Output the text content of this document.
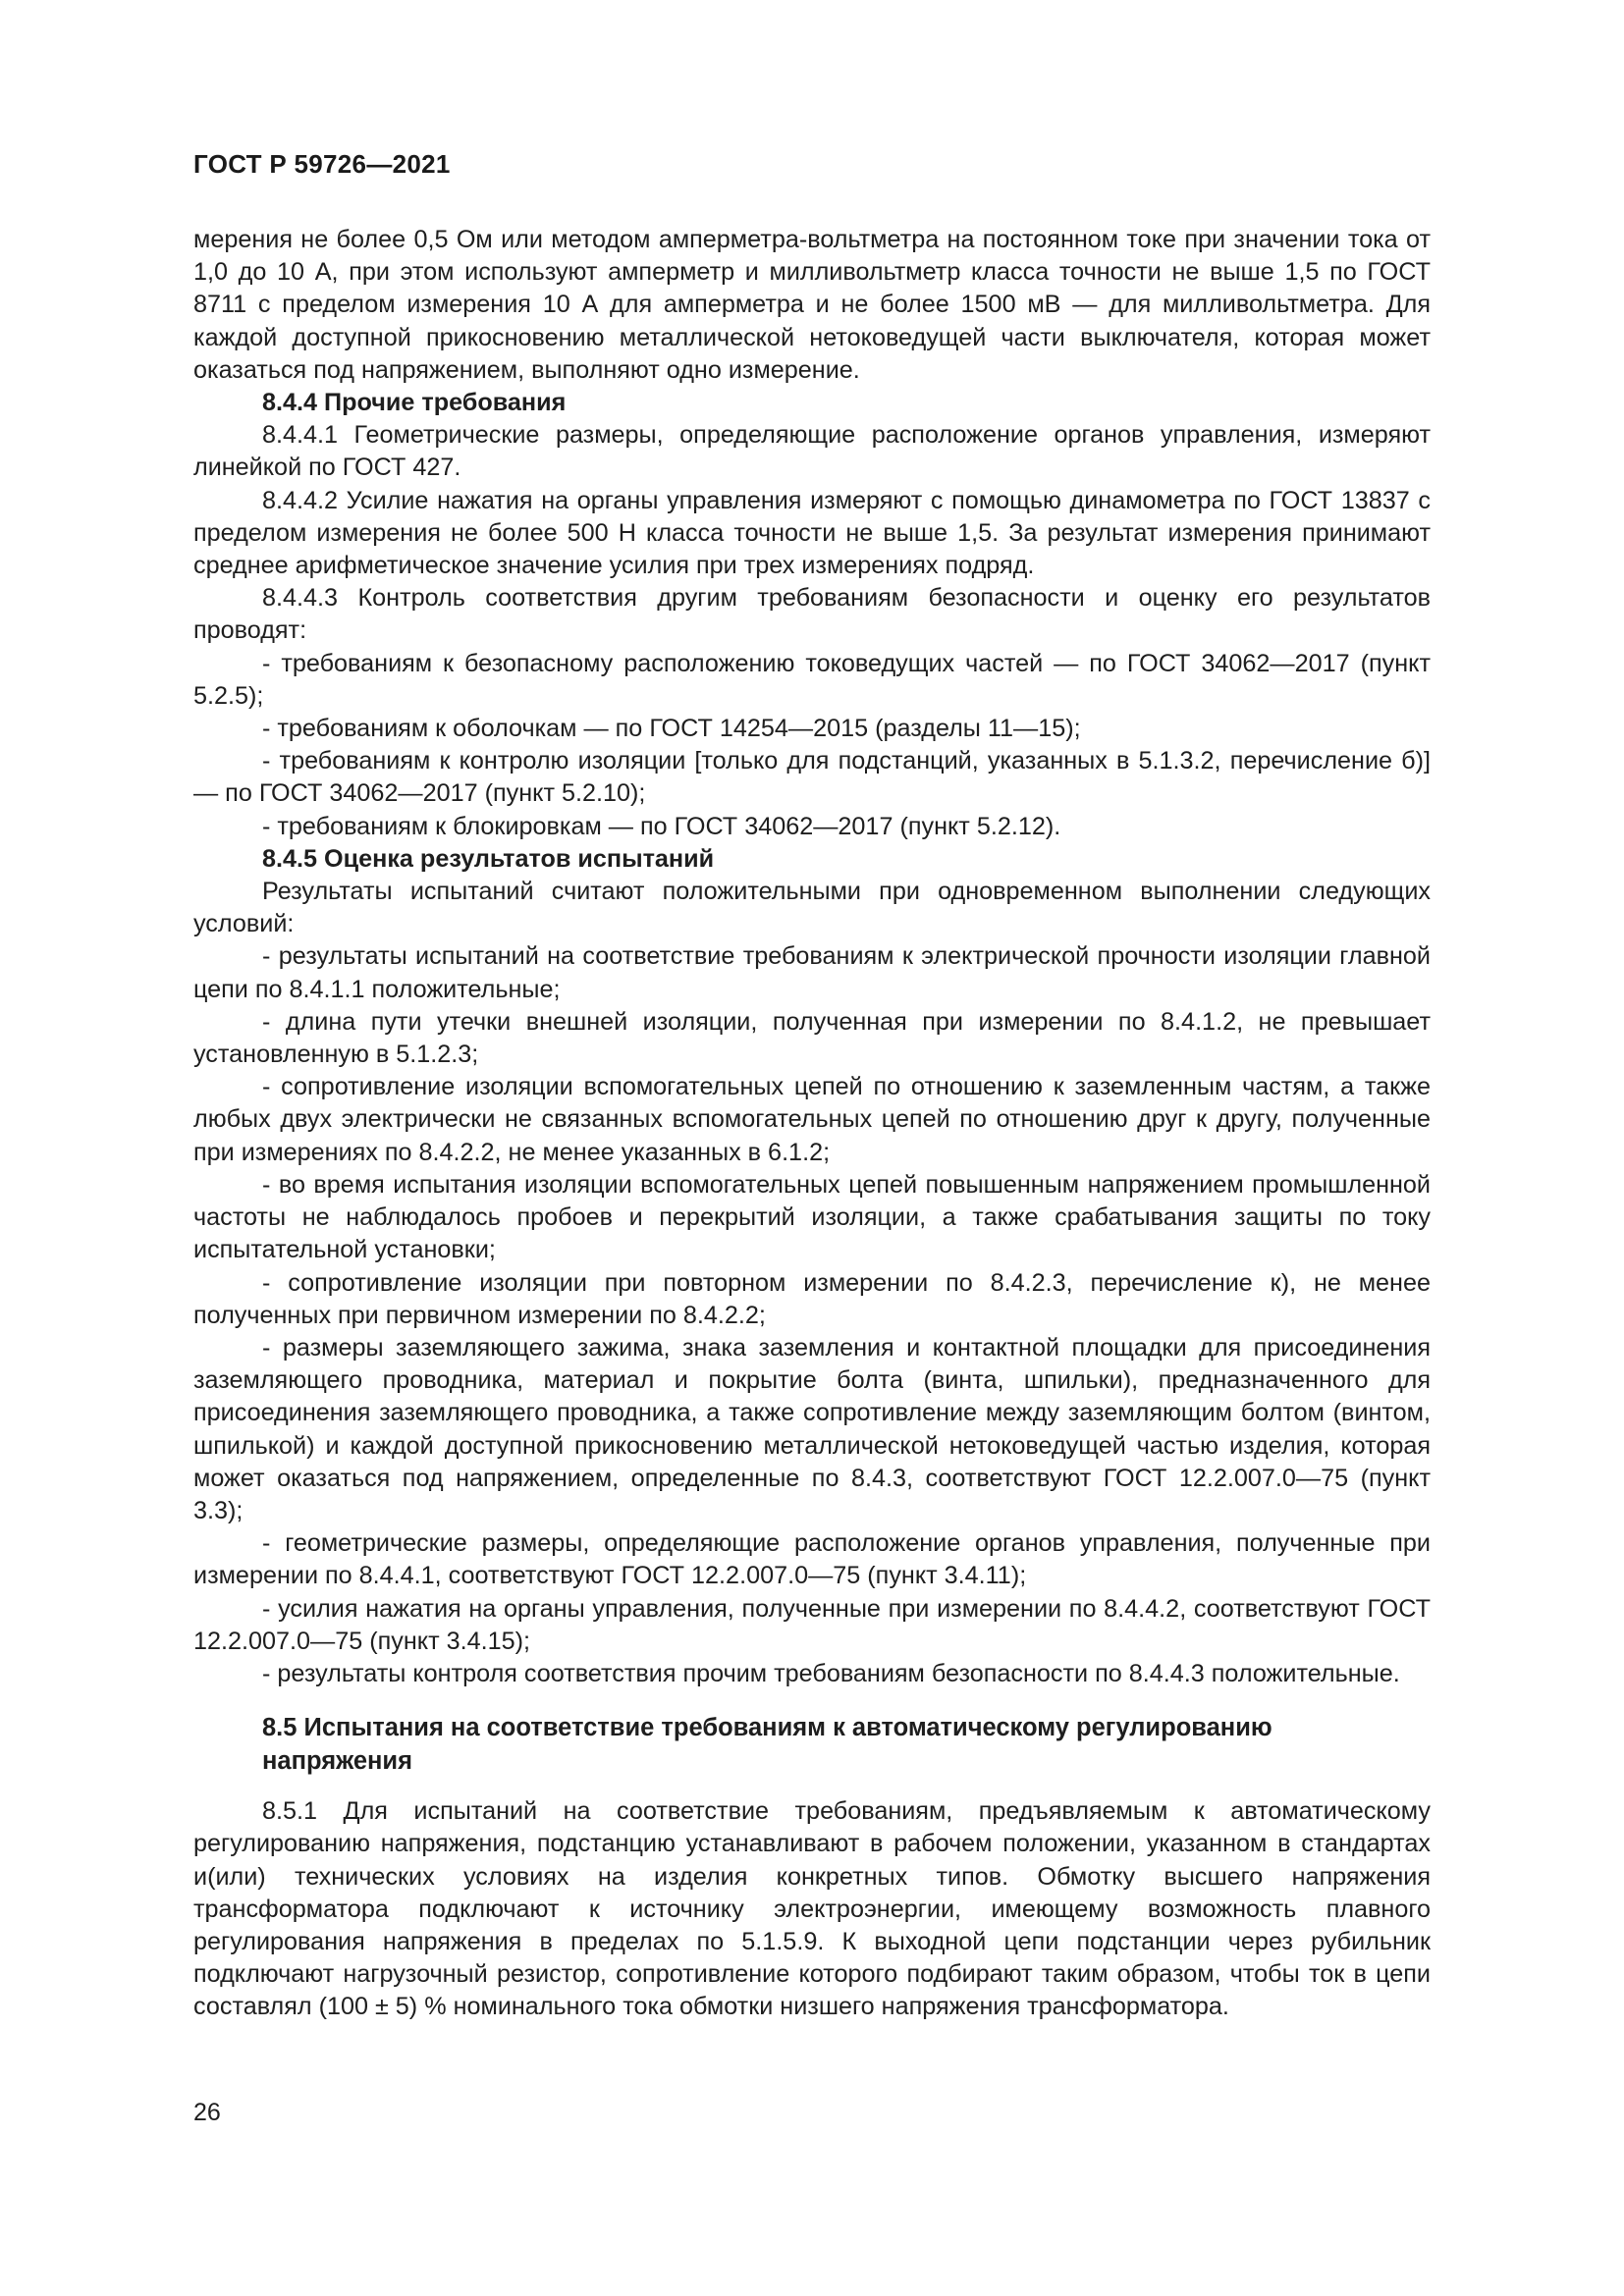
ГОСТ Р 59726—2021

мерения не более 0,5 Ом или методом амперметра-вольтметра на постоянном токе при значении тока от 1,0 до 10 А, при этом используют амперметр и милливольтметр класса точности не выше 1,5 по ГОСТ 8711 с пределом измерения 10 А для амперметра и не более 1500 мВ — для милливольтметра. Для каждой доступной прикосновению металлической нетоковедущей части выключателя, которая может оказаться под напряжением, выполняют одно измерение.

8.4.4 Прочие требования

8.4.4.1 Геометрические размеры, определяющие расположение органов управления, измеряют линейкой по ГОСТ 427.

8.4.4.2 Усилие нажатия на органы управления измеряют с помощью динамометра по ГОСТ 13837 с пределом измерения не более 500 Н класса точности не выше 1,5. За результат измерения принимают среднее арифметическое значение усилия при трех измерениях подряд.

8.4.4.3 Контроль соответствия другим требованиям безопасности и оценку его результатов проводят:

- требованиям к безопасному расположению токоведущих частей — по ГОСТ 34062—2017 (пункт 5.2.5);

- требованиям к оболочкам — по ГОСТ 14254—2015 (разделы 11—15);

- требованиям к контролю изоляции [только для подстанций, указанных в 5.1.3.2, перечисление б)] — по ГОСТ 34062—2017 (пункт 5.2.10);

- требованиям к блокировкам — по ГОСТ 34062—2017 (пункт 5.2.12).

8.4.5 Оценка результатов испытаний

Результаты испытаний считают положительными при одновременном выполнении следующих условий:

- результаты испытаний на соответствие требованиям к электрической прочности изоляции главной цепи по 8.4.1.1 положительные;

- длина пути утечки внешней изоляции, полученная при измерении по 8.4.1.2, не превышает установленную в 5.1.2.3;

- сопротивление изоляции вспомогательных цепей по отношению к заземленным частям, а также любых двух электрически не связанных вспомогательных цепей по отношению друг к другу, полученные при измерениях по 8.4.2.2, не менее указанных в 6.1.2;

- во время испытания изоляции вспомогательных цепей повышенным напряжением промышленной частоты не наблюдалось пробоев и перекрытий изоляции, а также срабатывания защиты по току испытательной установки;

- сопротивление изоляции при повторном измерении по 8.4.2.3, перечисление к), не менее полученных при первичном измерении по 8.4.2.2;

- размеры заземляющего зажима, знака заземления и контактной площадки для присоединения заземляющего проводника, материал и покрытие болта (винта, шпильки), предназначенного для присоединения заземляющего проводника, а также сопротивление между заземляющим болтом (винтом, шпилькой) и каждой доступной прикосновению металлической нетоковедущей частью изделия, которая может оказаться под напряжением, определенные по 8.4.3, соответствуют ГОСТ 12.2.007.0—75 (пункт 3.3);

- геометрические размеры, определяющие расположение органов управления, полученные при измерении по 8.4.4.1, соответствуют ГОСТ 12.2.007.0—75 (пункт 3.4.11);

- усилия нажатия на органы управления, полученные при измерении по 8.4.4.2, соответствуют ГОСТ 12.2.007.0—75 (пункт 3.4.15);

- результаты контроля соответствия прочим требованиям безопасности по 8.4.4.3 положительные.

8.5 Испытания на соответствие требованиям к автоматическому регулированию напряжения

8.5.1 Для испытаний на соответствие требованиям, предъявляемым к автоматическому регулированию напряжения, подстанцию устанавливают в рабочем положении, указанном в стандартах и(или) технических условиях на изделия конкретных типов. Обмотку высшего напряжения трансформатора подключают к источнику электроэнергии, имеющему возможность плавного регулирования напряжения в пределах по 5.1.5.9. К выходной цепи подстанции через рубильник подключают нагрузочный резистор, сопротивление которого подбирают таким образом, чтобы ток в цепи составлял (100 ± 5) % номинального тока обмотки низшего напряжения трансформатора.

26
